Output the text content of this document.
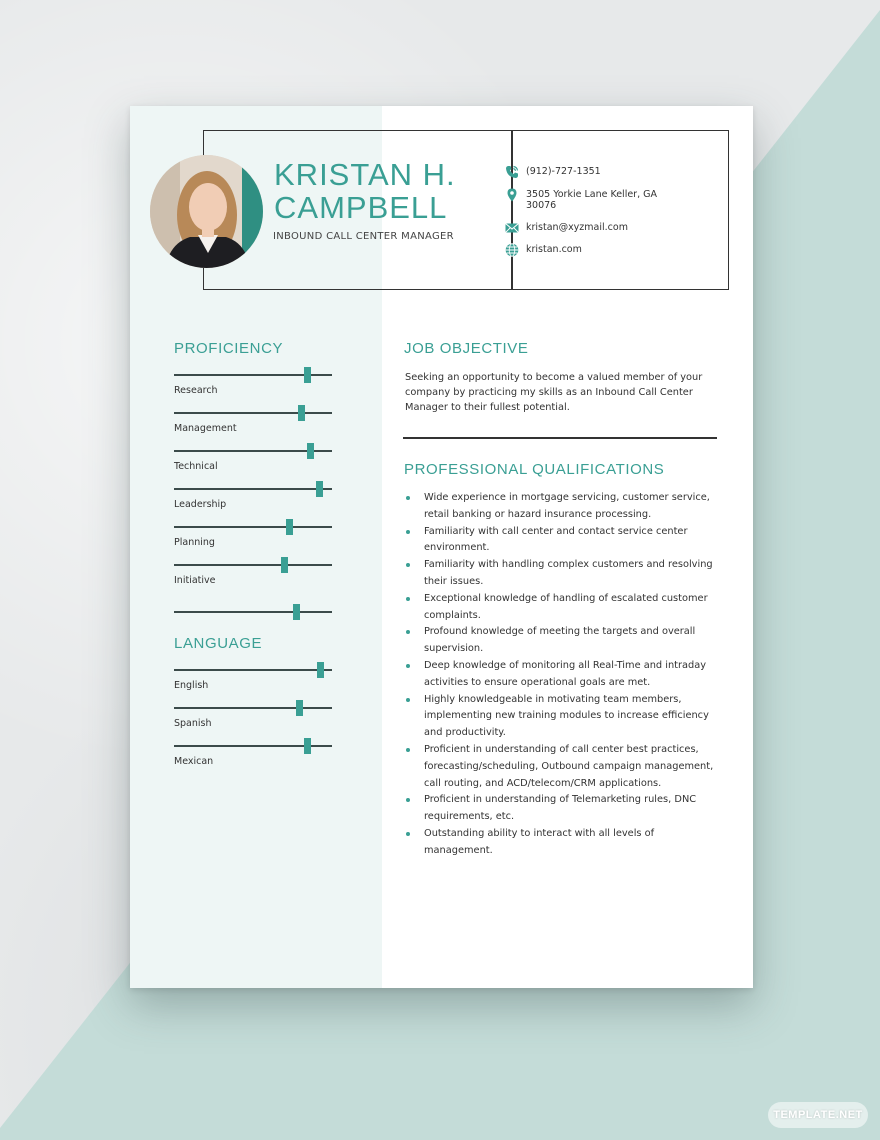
KRISTAN H.
CAMPBELL
INBOUND CALL CENTER MANAGER
(912)-727-1351
3505 Yorkie Lane Keller, GA
30076
kristan@xyzmail.com
kristan.com
PROFICIENCY
Research
Management
Technical
Leadership
Planning
Initiative
LANGUAGE
English
Spanish
Mexican
JOB OBJECTIVE
Seeking an opportunity to become a valued member of your company by practicing my skills as an Inbound Call Center Manager to their fullest potential.
PROFESSIONAL QUALIFICATIONS
Wide experience in mortgage servicing, customer service, retail banking or hazard insurance processing.
Familiarity with call center and contact service center environment.
Familiarity with handling complex customers and resolving their issues.
Exceptional knowledge of handling of escalated customer complaints.
Profound knowledge of meeting the targets and overall supervision.
Deep knowledge of monitoring all Real-Time and intraday activities to ensure operational goals are met.
Highly knowledgeable in motivating team members, implementing new training modules to increase efficiency and productivity.
Proficient in understanding of call center best practices, forecasting/scheduling, Outbound campaign management, call routing, and ACD/telecom/CRM applications.
Proficient in understanding of Telemarketing rules, DNC requirements, etc.
Outstanding ability to interact with all levels of management.
TEMPLATE.NET
